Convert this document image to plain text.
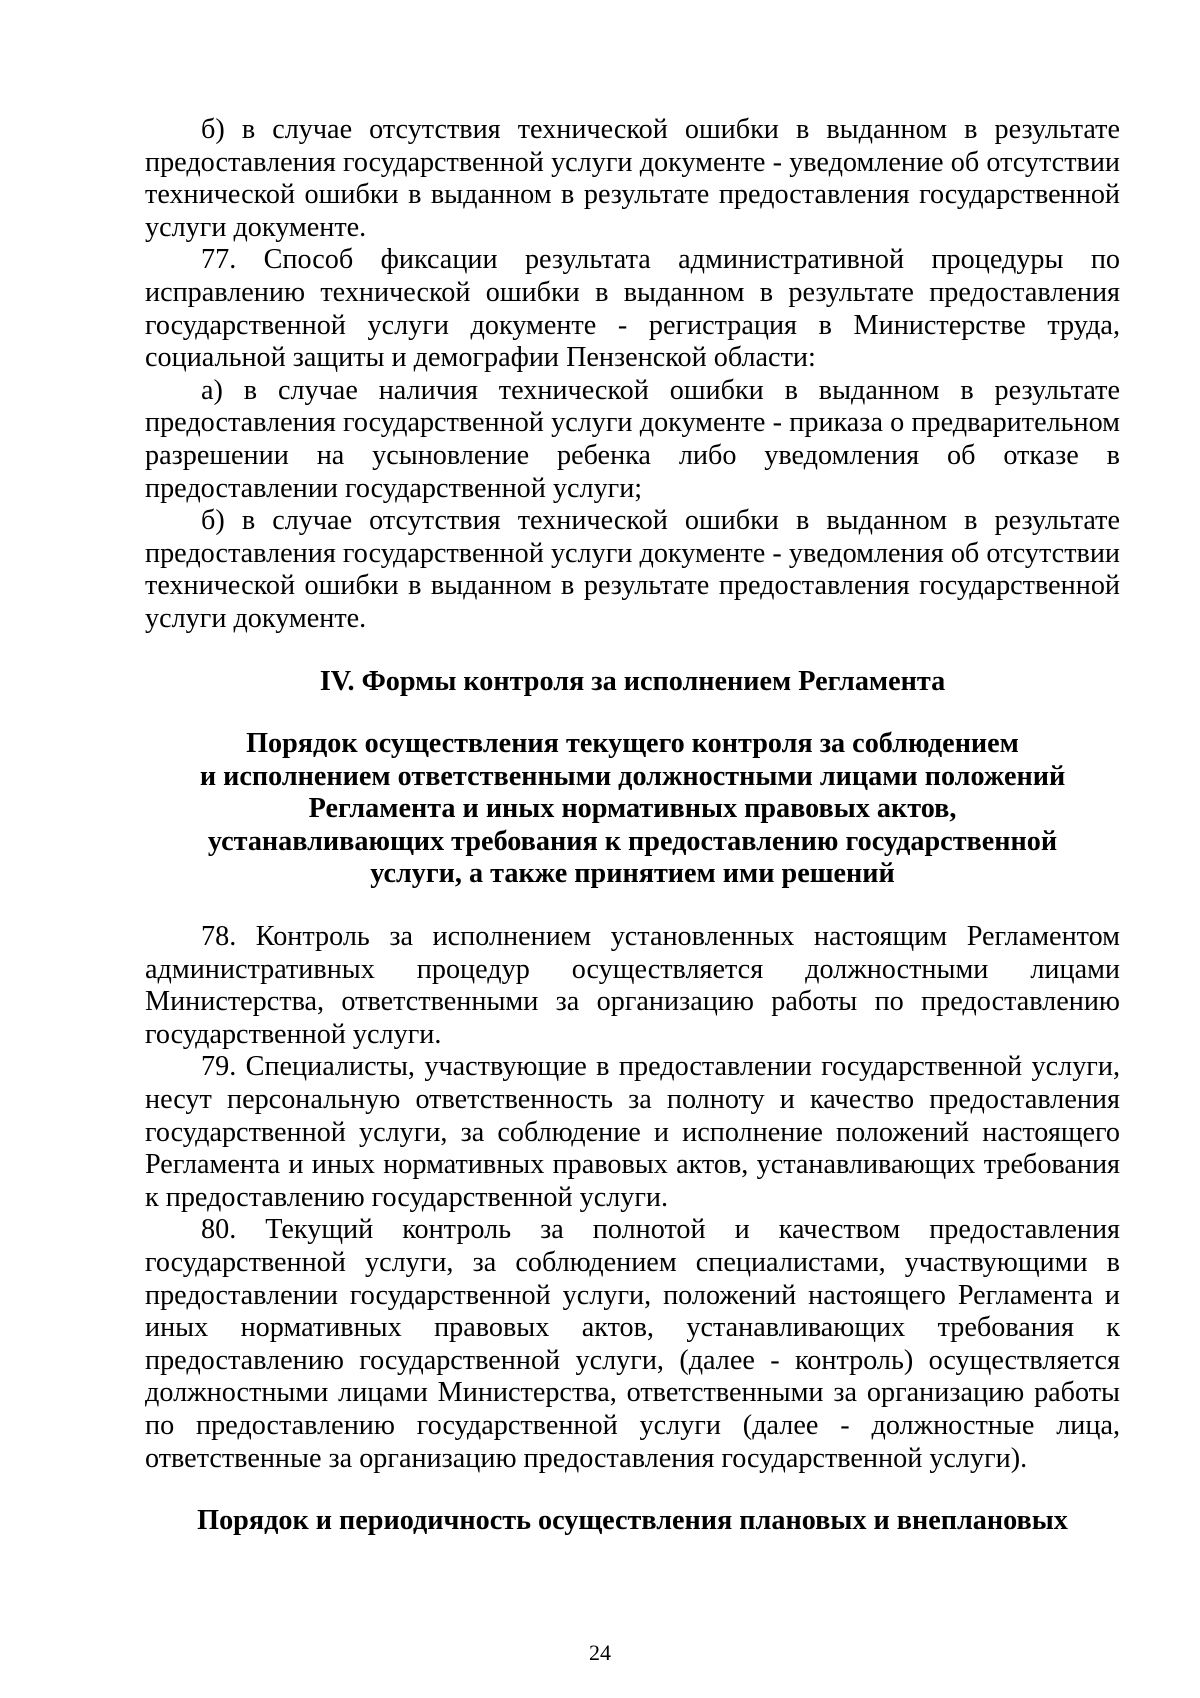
б) в случае отсутствия технической ошибки в выданном в результате предоставления государственной услуги документе - уведомление об отсутствии технической ошибки в выданном в результате предоставления государственной услуги документе.

77. Способ фиксации результата административной процедуры по исправлению технической ошибки в выданном в результате предоставления государственной услуги документе - регистрация в Министерстве труда, социальной защиты и демографии Пензенской области:

а) в случае наличия технической ошибки в выданном в результате предоставления государственной услуги документе - приказа о предварительном разрешении на усыновление ребенка либо уведомления об отказе в предоставлении государственной услуги;

б) в случае отсутствия технической ошибки в выданном в результате предоставления государственной услуги документе - уведомления об отсутствии технической ошибки в выданном в результате предоставления государственной услуги документе.

IV. Формы контроля за исполнением Регламента

Порядок осуществления текущего контроля за соблюдением
и исполнением ответственными должностными лицами положений
Регламента и иных нормативных правовых актов,
устанавливающих требования к предоставлению государственной
услуги, а также принятием ими решений

78. Контроль за исполнением установленных настоящим Регламентом административных процедур осуществляется должностными лицами Министерства, ответственными за организацию работы по предоставлению государственной услуги.

79. Специалисты, участвующие в предоставлении государственной услуги, несут персональную ответственность за полноту и качество предоставления государственной услуги, за соблюдение и исполнение положений настоящего Регламента и иных нормативных правовых актов, устанавливающих требования к предоставлению государственной услуги.

80. Текущий контроль за полнотой и качеством предоставления государственной услуги, за соблюдением специалистами, участвующими в предоставлении государственной услуги, положений настоящего Регламента и иных нормативных правовых актов, устанавливающих требования к предоставлению государственной услуги, (далее - контроль) осуществляется должностными лицами Министерства, ответственными за организацию работы по предоставлению государственной услуги (далее - должностные лица, ответственные за организацию предоставления государственной услуги).

Порядок и периодичность осуществления плановых и внеплановых

24
